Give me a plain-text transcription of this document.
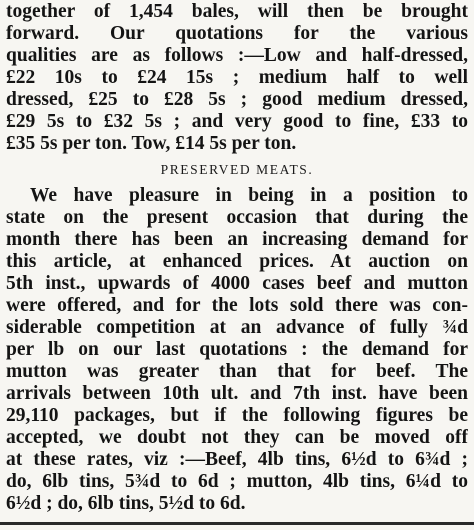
together of 1,454 bales, will then be brought
forward. Our quotations for the various
qualities are as follows :—Low and half-dressed,
£22 10s to £24 15s ; medium half to well
dressed, £25 to £28 5s ; good medium dressed,
£29 5s to £32 5s ; and very good to fine, £33 to
£35 5s per ton. Tow, £14 5s per ton.
PRESERVED MEATS.
We have pleasure in being in a position to
state on the present occasion that during the
month there has been an increasing demand for
this article, at enhanced prices. At auction on
5th inst., upwards of 4000 cases beef and mutton
were offered, and for the lots sold there was con-
siderable competition at an advance of fully ¾d
per lb on our last quotations : the demand for
mutton was greater than that for beef. The
arrivals between 10th ult. and 7th inst. have been
29,110 packages, but if the following figures be
accepted, we doubt not they can be moved off
at these rates, viz :—Beef, 4lb tins, 6½d to 6¾d ;
do, 6lb tins, 5¾d to 6d ; mutton, 4lb tins, 6¼d to
6½d ; do, 6lb tins, 5½d to 6d.
